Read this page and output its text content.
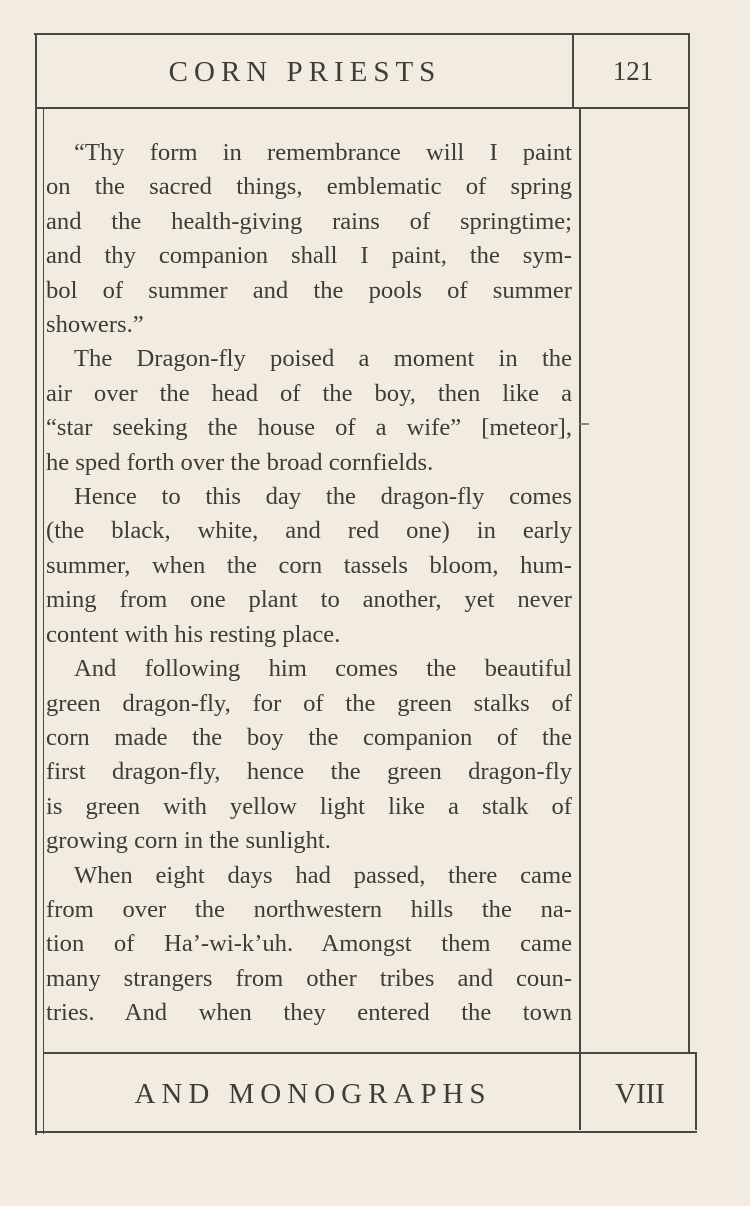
CORN PRIESTS	121
“Thy form in remembrance will I paint
on the sacred things, emblematic of spring
and the health-giving rains of springtime;
and thy companion shall I paint, the sym-
bol of summer and the pools of summer
showers.”
The Dragon-fly poised a moment in the
air over the head of the boy, then like a
“star seeking the house of a wife” [meteor],
he sped forth over the broad cornfields.
Hence to this day the dragon-fly comes
(the black, white, and red one) in early
summer, when the corn tassels bloom, hum-
ming from one plant to another, yet never
content with his resting place.
And following him comes the beautiful
green dragon-fly, for of the green stalks of
corn made the boy the companion of the
first dragon-fly, hence the green dragon-fly
is green with yellow light like a stalk of
growing corn in the sunlight.
When eight days had passed, there came
from over the northwestern hills the na-
tion of Ha’-wi-k’uh. Amongst them came
many strangers from other tribes and coun-
tries. And when they entered the town
AND MONOGRAPHS	VIII
